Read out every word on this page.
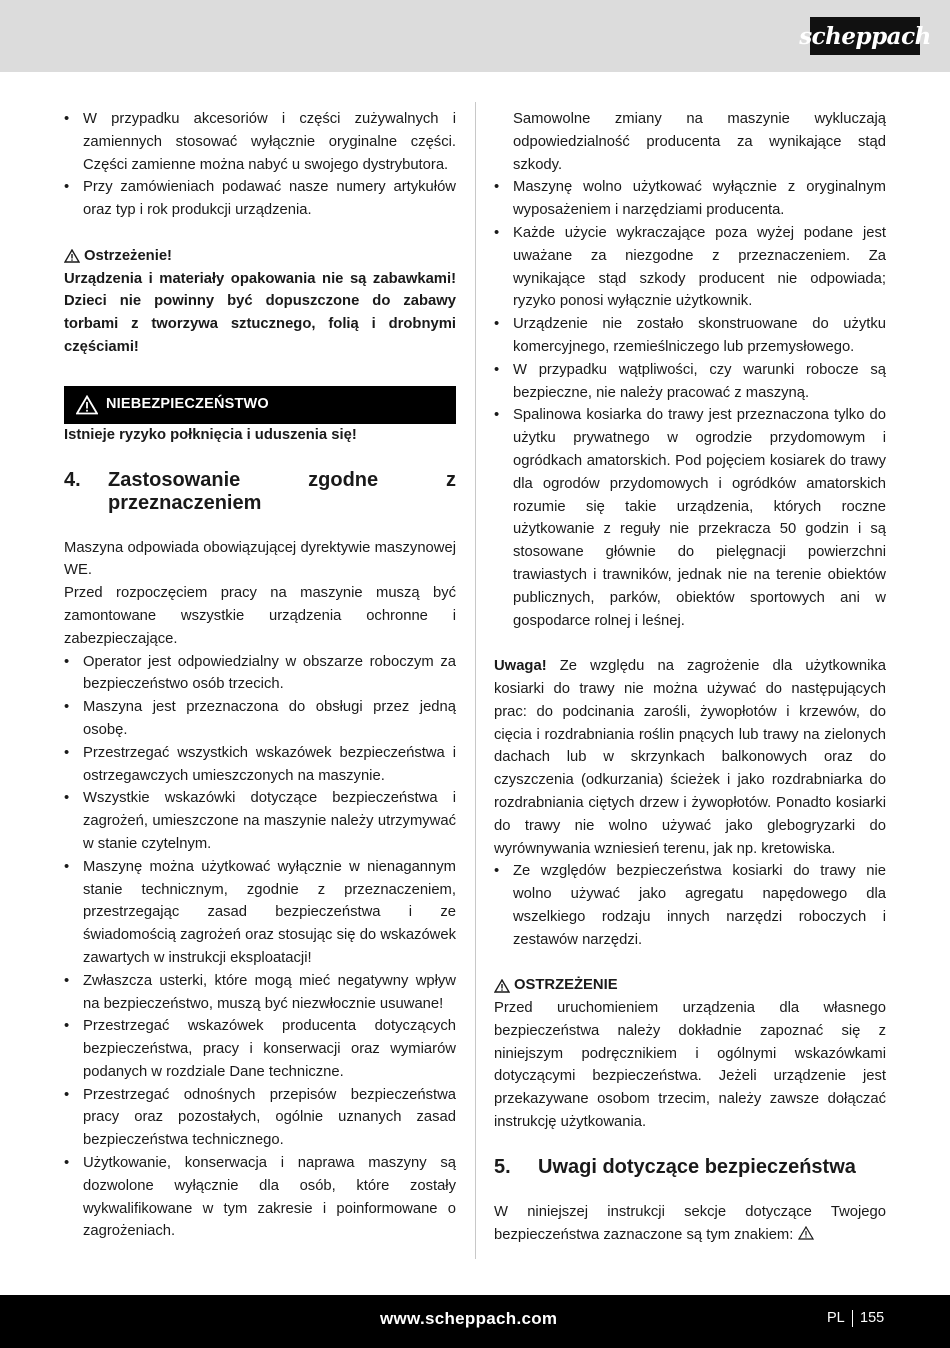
scheppach
• W przypadku akcesoriów i części zużywalnych i zamiennych stosować wyłącznie oryginalne części. Części zamienne można nabyć u swojego dystrybutora.
• Przy zamówieniach podawać nasze numery artykułów oraz typ i rok produkcji urządzenia.
Ostrzeżenie!
Urządzenia i materiały opakowania nie są zabawkami! Dzieci nie powinny być dopuszczone do zabawy torbami z tworzywa sztucznego, folią i drobnymi częściami!
NIEBEZPIECZEŃSTWO
Istnieje ryzyko połknięcia i uduszenia się!
4.	Zastosowanie zgodne z przeznaczeniem
Maszyna odpowiada obowiązującej dyrektywie maszynowej WE.
Przed rozpoczęciem pracy na maszynie muszą być zamontowane wszystkie urządzenia ochronne i zabezpieczające.
• Operator jest odpowiedzialny w obszarze roboczym za bezpieczeństwo osób trzecich.
• Maszyna jest przeznaczona do obsługi przez jedną osobę.
• Przestrzegać wszystkich wskazówek bezpieczeństwa i ostrzegawczych umieszczonych na maszynie.
• Wszystkie wskazówki dotyczące bezpieczeństwa i zagrożeń, umieszczone na maszynie należy utrzymywać w stanie czytelnym.
• Maszynę można użytkować wyłącznie w nienagannym stanie technicznym, zgodnie z przeznaczeniem, przestrzegając zasad bezpieczeństwa i ze świadomością zagrożeń oraz stosując się do wskazówek zawartych w instrukcji eksploatacji!
• Zwłaszcza usterki, które mogą mieć negatywny wpływ na bezpieczeństwo, muszą być niezwłocznie usuwane!
• Przestrzegać wskazówek producenta dotyczących bezpieczeństwa, pracy i konserwacji oraz wymiarów podanych w rozdziale Dane techniczne.
• Przestrzegać odnośnych przepisów bezpieczeństwa pracy oraz pozostałych, ogólnie uznanych zasad bezpieczeństwa technicznego.
• Użytkowanie, konserwacja i naprawa maszyny są dozwolone wyłącznie dla osób, które zostały wykwalifikowane w tym zakresie i poinformowane o zagrożeniach.
Samowolne zmiany na maszynie wykluczają odpowiedzialność producenta za wynikające stąd szkody.
• Maszynę wolno użytkować wyłącznie z oryginalnym wyposażeniem i narzędziami producenta.
• Każde użycie wykraczające poza wyżej podane jest uważane za niezgodne z przeznaczeniem. Za wynikające stąd szkody producent nie odpowiada; ryzyko ponosi wyłącznie użytkownik.
• Urządzenie nie zostało skonstruowane do użytku komercyjnego, rzemieślniczego lub przemysłowego.
• W przypadku wątpliwości, czy warunki robocze są bezpieczne, nie należy pracować z maszyną.
• Spalinowa kosiarka do trawy jest przeznaczona tylko do użytku prywatnego w ogrodzie przydomowym i ogródkach amatorskich. Pod pojęciem kosiarek do trawy dla ogrodów przydomowych i ogródków amatorskich rozumie się takie urządzenia, których roczne użytkowanie z reguły nie przekracza 50 godzin i są stosowane głównie do pielęgnacji powierzchni trawiastych i trawników, jednak nie na terenie obiektów publicznych, parków, obiektów sportowych ani w gospodarce rolnej i leśnej.
Uwaga! Ze względu na zagrożenie dla użytkownika kosiarki do trawy nie można używać do następujących prac: do podcinania zarośli, żywopłotów i krzewów, do cięcia i rozdrabniania roślin pnących lub trawy na zielonych dachach lub w skrzynkach balkonowych oraz do czyszczenia (odkurzania) ścieżek i jako rozdrabniarka do rozdrabniania ciętych drzew i żywopłotów. Ponadto kosiarki do trawy nie wolno używać jako glebogryzarki do wyrównywania wzniesień terenu, jak np. kretowiska.
• Ze względów bezpieczeństwa kosiarki do trawy nie wolno używać jako agregatu napędowego dla wszelkiego rodzaju innych narzędzi roboczych i zestawów narzędzi.
OSTRZEŻENIE
Przed uruchomieniem urządzenia dla własnego bezpieczeństwa należy dokładnie zapoznać się z niniejszym podręcznikiem i ogólnymi wskazówkami dotyczącymi bezpieczeństwa. Jeżeli urządzenie jest przekazywane osobom trzecim, należy zawsze dołączać instrukcję użytkowania.
5.	Uwagi dotyczące bezpieczeństwa
W niniejszej instrukcji sekcje dotyczące Twojego bezpieczeństwa zaznaczone są tym znakiem:
www.scheppach.com	PL 155
